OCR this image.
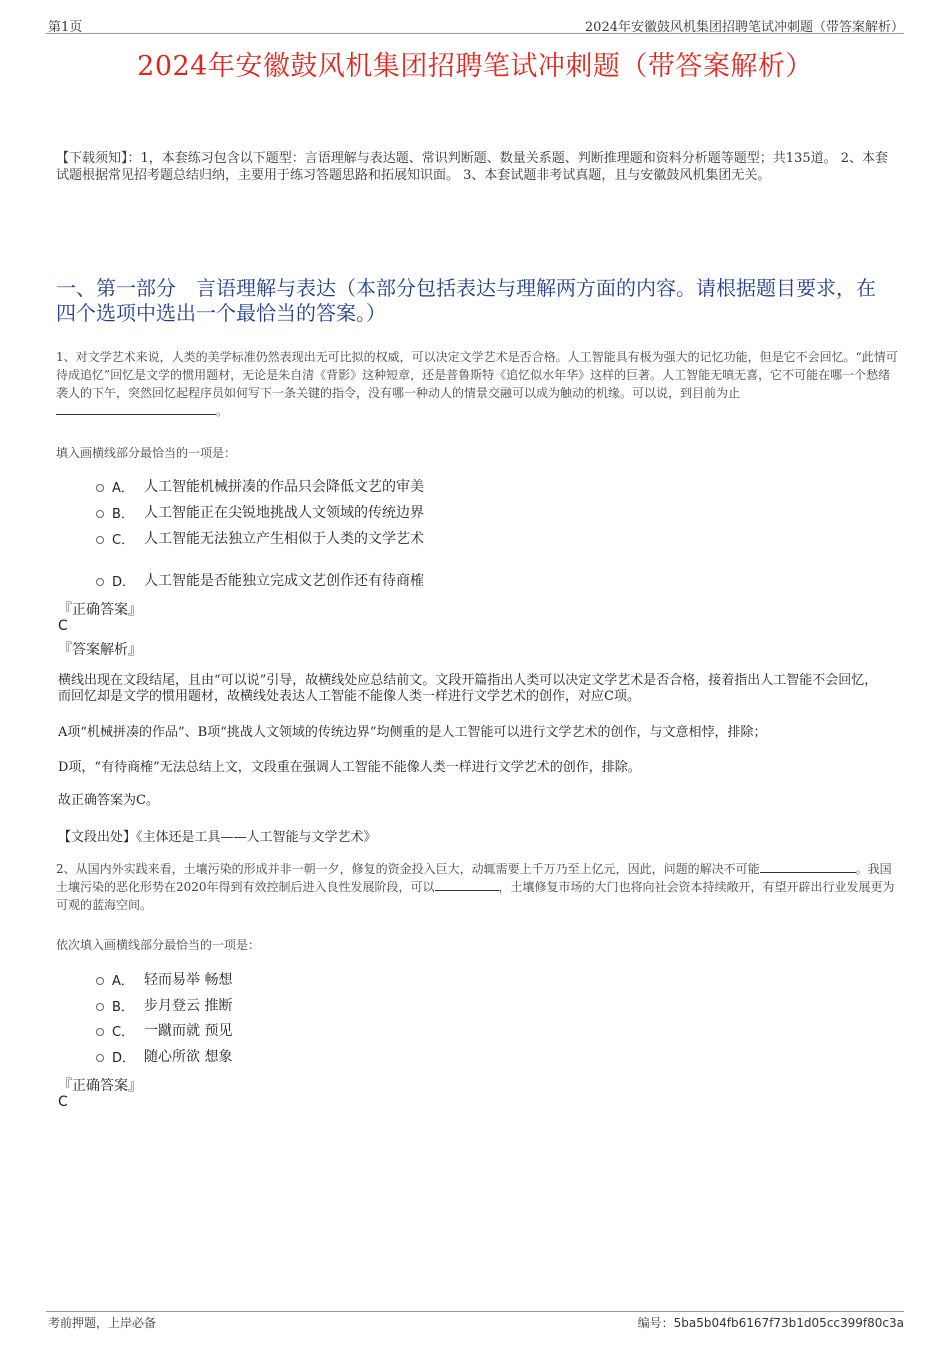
第1页	2024年安徽鼓风机集团招聘笔试冲刺题（带答案解析）
2024年安徽鼓风机集团招聘笔试冲刺题（带答案解析）
【下载须知】：1，本套练习包含以下题型：言语理解与表达题、常识判断题、数量关系题、判断推理题和资料分析题等题型；共135道。 2、本套试题根据常见招考题总结归纳，主要用于练习答题思路和拓展知识面。 3、本套试题非考试真题，且与安徽鼓风机集团无关。
一、第一部分　言语理解与表达（本部分包括表达与理解两方面的内容。请根据题目要求，在四个选项中选出一个最恰当的答案。）
1、对文学艺术来说，人类的美学标准仍然表现出无可比拟的权威，可以决定文学艺术是否合格。人工智能具有极为强大的记忆功能，但是它不会回忆。“此情可待成追忆”回忆是文学的惯用题材，无论是朱自清《背影》这种短章，还是普鲁斯特《追忆似水年华》这样的巨著。人工智能无嗔无喜，它不可能在哪一个愁绪袭人的下午，突然回忆起程序员如何写下一条关键的指令，没有哪一种动人的情景交融可以成为触动的机缘。可以说，到目前为止。
填入画横线部分最恰当的一项是：
A． 人工智能机械拼凑的作品只会降低文艺的审美
B． 人工智能正在尖锐地挑战人文领域的传统边界
C． 人工智能无法独立产生相似于人类的文学艺术
D． 人工智能是否能独立完成文艺创作还有待商榷
『正确答案』
C
『答案解析』
横线出现在文段结尾，且由“可以说”引导，故横线处应总结前文。文段开篇指出人类可以决定文学艺术是否合格，接着指出人工智能不会回忆，而回忆却是文学的惯用题材，故横线处表达人工智能不能像人类一样进行文学艺术的创作，对应C项。
A项“机械拼凑的作品”、B项“挑战人文领域的传统边界”均侧重的是人工智能可以进行文学艺术的创作，与文意相悖，排除；
D项，“有待商榷”无法总结上文，文段重在强调人工智能不能像人类一样进行文学艺术的创作，排除。
故正确答案为C。
【文段出处】《主体还是工具——人工智能与文学艺术》
2、从国内外实践来看，土壤污染的形成并非一朝一夕，修复的资金投入巨大，动辄需要上千万乃至上亿元，因此，问题的解决不可能	。我国土壤污染的恶化形势在2020年得到有效控制后进入良性发展阶段，可以	，土壤修复市场的大门也将向社会资本持续敞开，有望开辟出行业发展更为可观的蓝海空间。
依次填入画横线部分最恰当的一项是：
A． 轻而易举 畅想
B． 步月登云 推断
C． 一蹴而就 预见
D． 随心所欲 想象
『正确答案』
C
考前押题，上岸必备	编号：5ba5b04fb6167f73b1d05cc399f80c3a
